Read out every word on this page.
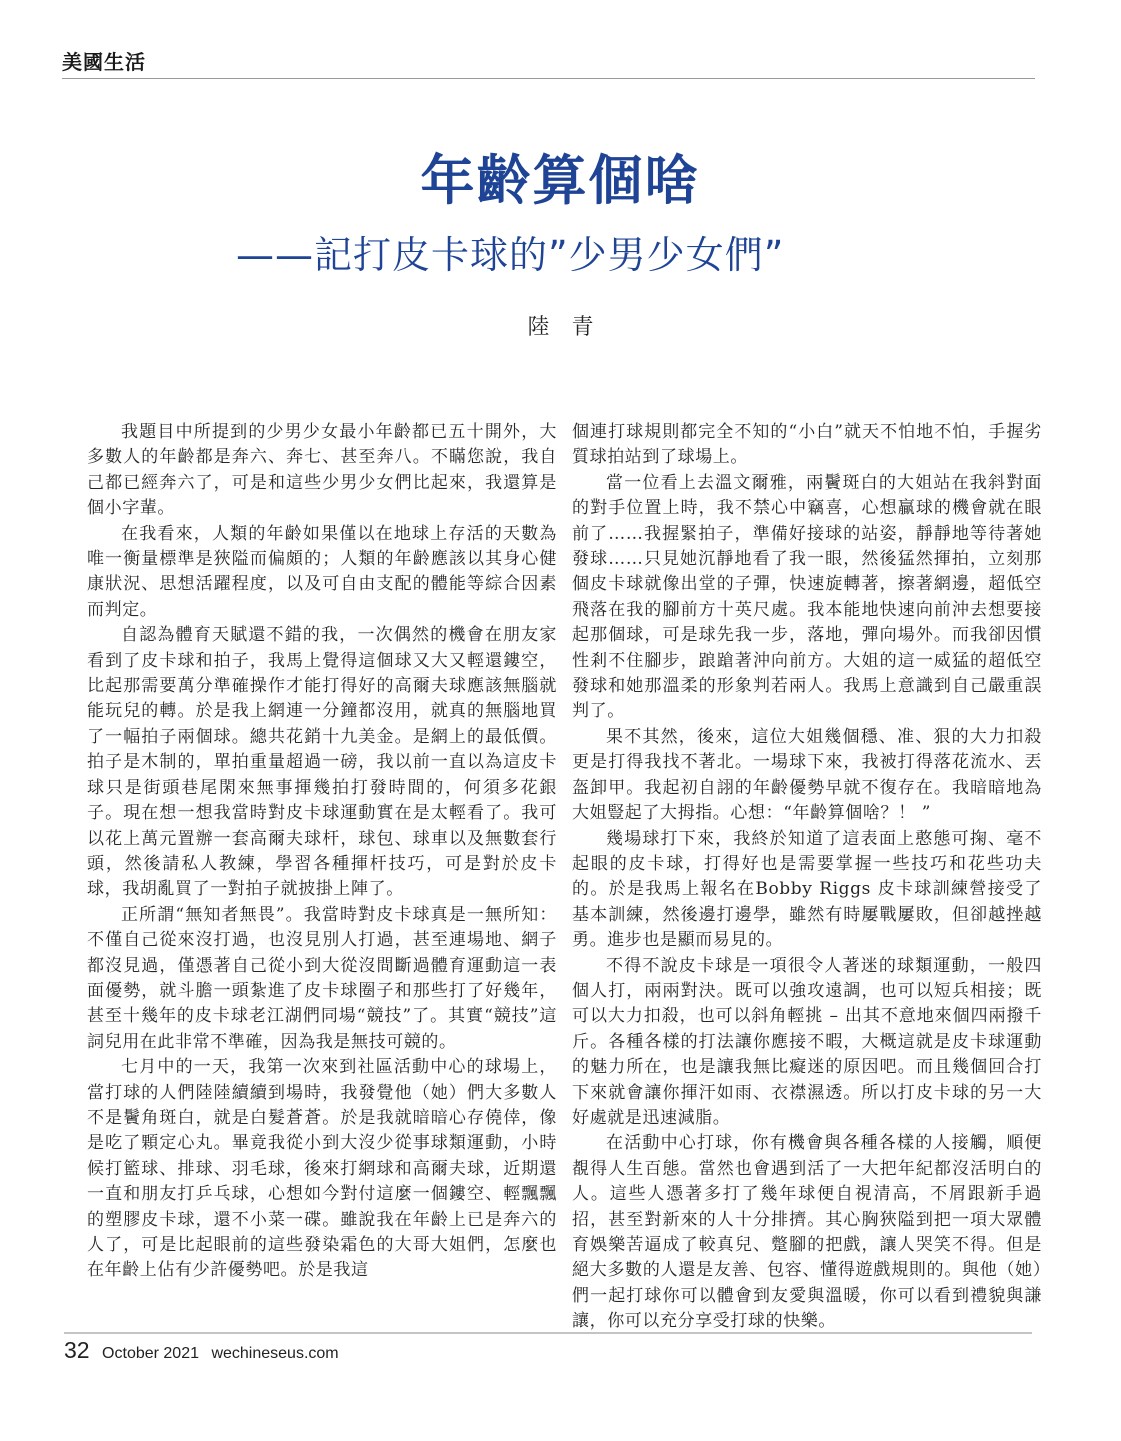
美國生活
年齡算個啥
——記打皮卡球的”少男少女們”
陸青

我題目中所提到的少男少女最小年齡都已五十開外，大多數人的年齡都是奔六、奔七、甚至奔八。不瞞您說，我自己都已經奔六了，可是和這些少男少女們比起來，我還算是個小字輩。

在我看來，人類的年齡如果僅以在地球上存活的天數為唯一衡量標準是狹隘而偏頗的；人類的年齡應該以其身心健康狀況、思想活躍程度，以及可自由支配的體能等綜合因素而判定。

自認為體育天賦還不錯的我，一次偶然的機會在朋友家看到了皮卡球和拍子，我馬上覺得這個球又大又輕還鏤空，比起那需要萬分準確操作才能打得好的高爾夫球應該無腦就能玩兒的轉。於是我上網連一分鐘都沒用，就真的無腦地買了一幅拍子兩個球。總共花銷十九美金。是網上的最低價。拍子是木制的，單拍重量超過一磅，我以前一直以為這皮卡球只是街頭巷尾閑來無事揮幾拍打發時間的，何須多花銀子。現在想一想我當時對皮卡球運動實在是太輕看了。我可以花上萬元置辦一套高爾夫球杆，球包、球車以及無數套行頭，然後請私人教練，學習各種揮杆技巧，可是對於皮卡球，我胡亂買了一對拍子就披掛上陣了。

正所謂“無知者無畏”。我當時對皮卡球真是一無所知：不僅自己從來沒打過，也沒見別人打過，甚至連場地、網子都沒見過，僅憑著自己從小到大從沒間斷過體育運動這一表面優勢，就斗膽一頭紮進了皮卡球圈子和那些打了好幾年，甚至十幾年的皮卡球老江湖們同場“競技”了。其實“競技”這詞兒用在此非常不準確，因為我是無技可競的。

七月中的一天，我第一次來到社區活動中心的球場上，當打球的人們陸陸續續到場時，我發覺他（她）們大多數人不是鬢角斑白，就是白髮蒼蒼。於是我就暗暗心存僥倖，像是吃了顆定心丸。畢竟我從小到大沒少從事球類運動，小時候打籃球、排球、羽毛球，後來打網球和高爾夫球，近期還一直和朋友打乒乓球，心想如今對付這麼一個鏤空、輕飄飄的塑膠皮卡球，還不小菜一碟。雖說我在年齡上已是奔六的人了，可是比起眼前的這些發染霜色的大哥大姐們，怎麼也在年齡上佔有少許優勢吧。於是我這

個連打球規則都完全不知的“小白”就天不怕地不怕，手握劣質球拍站到了球場上。

當一位看上去溫文爾雅，兩鬢斑白的大姐站在我斜對面的對手位置上時，我不禁心中竊喜，心想贏球的機會就在眼前了……我握緊拍子，準備好接球的站姿，靜靜地等待著她發球……只見她沉靜地看了我一眼，然後猛然揮拍，立刻那個皮卡球就像出堂的子彈，快速旋轉著，擦著網邊，超低空飛落在我的腳前方十英尺處。我本能地快速向前沖去想要接起那個球，可是球先我一步，落地，彈向場外。而我卻因慣性剎不住腳步，踉蹌著沖向前方。大姐的這一威猛的超低空發球和她那溫柔的形象判若兩人。我馬上意識到自己嚴重誤判了。

果不其然，後來，這位大姐幾個穩、准、狠的大力扣殺更是打得我找不著北。一場球下來，我被打得落花流水、丟盔卸甲。我起初自詡的年齡優勢早就不復存在。我暗暗地為大姐豎起了大拇指。心想：“年齡算個啥？！ ”

幾場球打下來，我終於知道了這表面上憨態可掬、毫不起眼的皮卡球，打得好也是需要掌握一些技巧和花些功夫的。於是我馬上報名在Bobby Riggs 皮卡球訓練營接受了基本訓練，然後邊打邊學，雖然有時屢戰屢敗，但卻越挫越勇。進步也是顯而易見的。

不得不說皮卡球是一項很令人著迷的球類運動，一般四個人打，兩兩對決。既可以強攻遠調，也可以短兵相接；既可以大力扣殺，也可以斜角輕挑 – 出其不意地來個四兩撥千斤。各種各樣的打法讓你應接不暇，大概這就是皮卡球運動的魅力所在，也是讓我無比癡迷的原因吧。而且幾個回合打下來就會讓你揮汗如雨、衣襟濕透。所以打皮卡球的另一大好處就是迅速減脂。

在活動中心打球，你有機會與各種各樣的人接觸，順便覩得人生百態。當然也會遇到活了一大把年紀都沒活明白的人。這些人憑著多打了幾年球便自視清高，不屑跟新手過招，甚至對新來的人十分排擠。其心胸狹隘到把一項大眾體育娛樂苦逼成了較真兒、蹩腳的把戲，讓人哭笑不得。但是絕大多數的人還是友善、包容、懂得遊戲規則的。與他（她）們一起打球你可以體會到友愛與溫暖，你可以看到禮貌與謙讓，你可以充分享受打球的快樂。

32 October 2021 wechineseus.com
